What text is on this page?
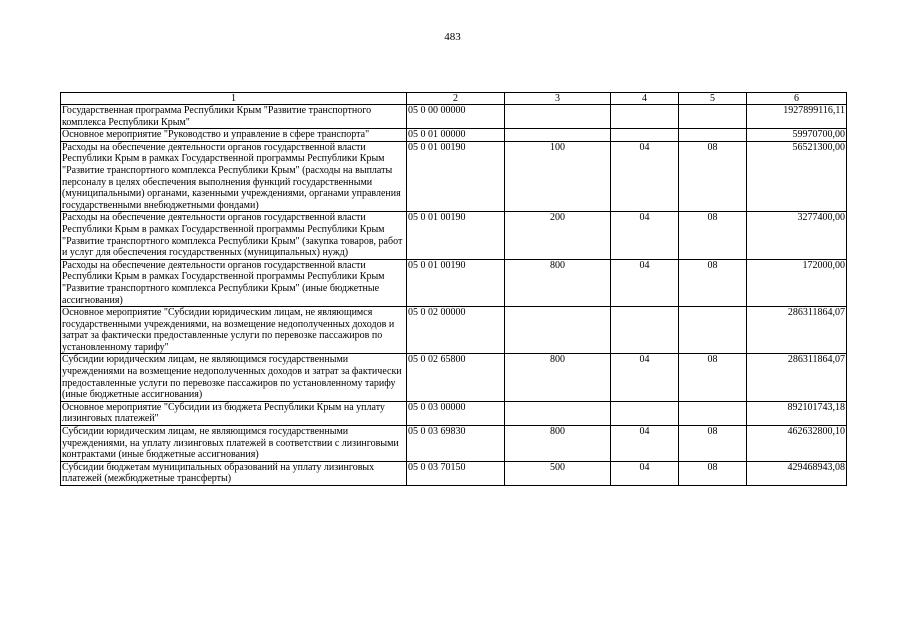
483
1	2	3	4	5	6
Государственная программа Республики Крым "Развитие транспортного комплекса Республики Крым"	05 0 00 00000				1927899116,11
Основное мероприятие "Руководство и управление в сфере транспорта"	05 0 01 00000				59970700,00
Расходы на обеспечение деятельности органов государственной власти Республики Крым в рамках Государственной программы Республики Крым "Развитие транспортного комплекса Республики Крым" (расходы на выплаты персоналу в целях обеспечения выполнения функций государственными (муниципальными) органами, казенными учреждениями, органами управления государственными внебюджетными фондами)	05 0 01 00190	100	04	08	56521300,00
Расходы на обеспечение деятельности органов государственной власти Республики Крым в рамках Государственной программы Республики Крым "Развитие транспортного комплекса Республики Крым" (закупка товаров, работ и услуг для обеспечения государственных (муниципальных) нужд)	05 0 01 00190	200	04	08	3277400,00
Расходы на обеспечение деятельности органов государственной власти Республики Крым в рамках Государственной программы Республики Крым "Развитие транспортного комплекса Республики Крым" (иные бюджетные ассигнования)	05 0 01 00190	800	04	08	172000,00
Основное мероприятие "Субсидии юридическим лицам, не являющимся государственными учреждениями, на возмещение недополученных доходов и затрат за фактически предоставленные услуги по перевозке пассажиров по установленному тарифу"	05 0 02 00000				286311864,07
Субсидии юридическим лицам, не являющимся государственными учреждениями на возмещение недополученных доходов и затрат за фактически предоставленные услуги по перевозке пассажиров по установленному тарифу (иные бюджетные ассигнования)	05 0 02 65800	800	04	08	286311864,07
Основное мероприятие "Субсидии из бюджета Республики Крым на уплату лизинговых платежей"	05 0 03 00000				892101743,18
Субсидии юридическим лицам, не являющимся государственными учреждениями, на уплату лизинговых платежей в соответствии с лизинговыми контрактами (иные бюджетные ассигнования)	05 0 03 69830	800	04	08	462632800,10
Субсидии бюджетам муниципальных образований на уплату лизинговых платежей (межбюджетные трансферты)	05 0 03 70150	500	04	08	429468943,08
